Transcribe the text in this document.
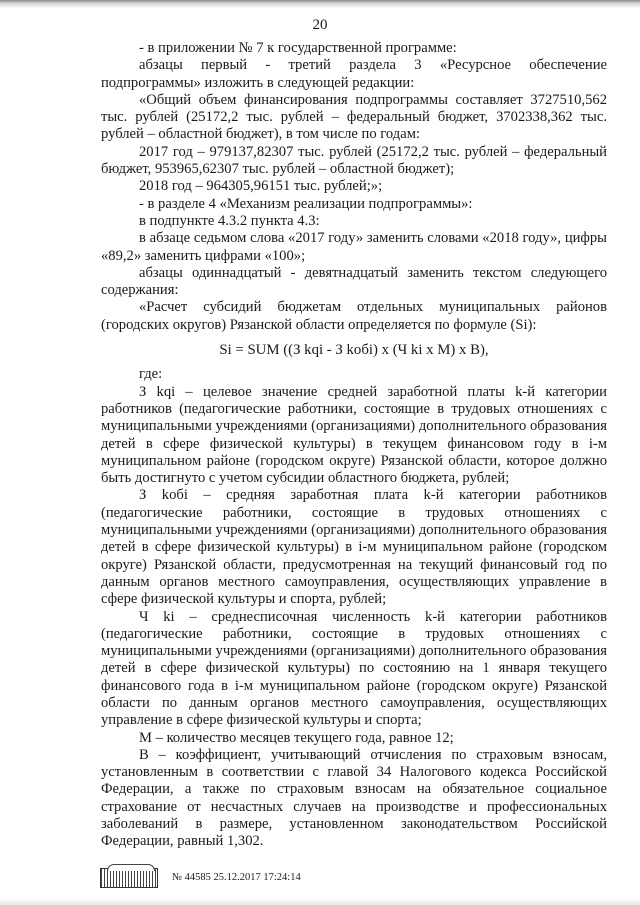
20

- в приложении № 7 к государственной программе:

абзацы первый - третий раздела 3 «Ресурсное обеспечение подпрограммы» изложить в следующей редакции:

«Общий объем финансирования подпрограммы составляет 3727510,562 тыс. рублей (25172,2 тыс. рублей – федеральный бюджет, 3702338,362 тыс. рублей – областной бюджет), в том числе по годам:

2017 год – 979137,82307 тыс. рублей (25172,2 тыс. рублей – федеральный бюджет, 953965,62307 тыс. рублей – областной бюджет);

2018 год – 964305,96151 тыс. рублей;»;

- в разделе 4 «Механизм реализации подпрограммы»:

в подпункте 4.3.2 пункта 4.3:

в абзаце седьмом слова «2017 году» заменить словами «2018 году», цифры «89,2» заменить цифрами «100»;

абзацы одиннадцатый - девятнадцатый заменить текстом следующего содержания:

«Расчет субсидий бюджетам отдельных муниципальных районов (городских округов) Рязанской области определяется по формуле (Si):

Si = SUM ((З kqi - З kобi) x (Ч ki x M) x B),

где:

З kqi – целевое значение средней заработной платы k-й категории работников (педагогические работники, состоящие в трудовых отношениях с муниципальными учреждениями (организациями) дополнительного образования детей в сфере физической культуры) в текущем финансовом году в i-м муниципальном районе (городском округе) Рязанской области, которое должно быть достигнуто с учетом субсидии областного бюджета, рублей;

З kобi – средняя заработная плата k-й категории работников (педагогические работники, состоящие в трудовых отношениях с муниципальными учреждениями (организациями) дополнительного образования детей в сфере физической культуры) в i-м муниципальном районе (городском округе) Рязанской области, предусмотренная на текущий финансовый год по данным органов местного самоуправления, осуществляющих управление в сфере физической культуры и спорта, рублей;

Ч ki – среднесписочная численность k-й категории работников (педагогические работники, состоящие в трудовых отношениях с муниципальными учреждениями (организациями) дополнительного образования детей в сфере физической культуры) по состоянию на 1 января текущего финансового года в i-м муниципальном районе (городском округе) Рязанской области по данным органов местного самоуправления, осуществляющих управление в сфере физической культуры и спорта;

М – количество месяцев текущего года, равное 12;

В – коэффициент, учитывающий отчисления по страховым взносам, установленным в соответствии с главой 34 Налогового кодекса Российской Федерации, а также по страховым взносам на обязательное социальное страхование от несчастных случаев на производстве и профессиональных заболеваний в размере, установленном законодательством Российской Федерации, равный 1,302.

№ 44585 25.12.2017 17:24:14
